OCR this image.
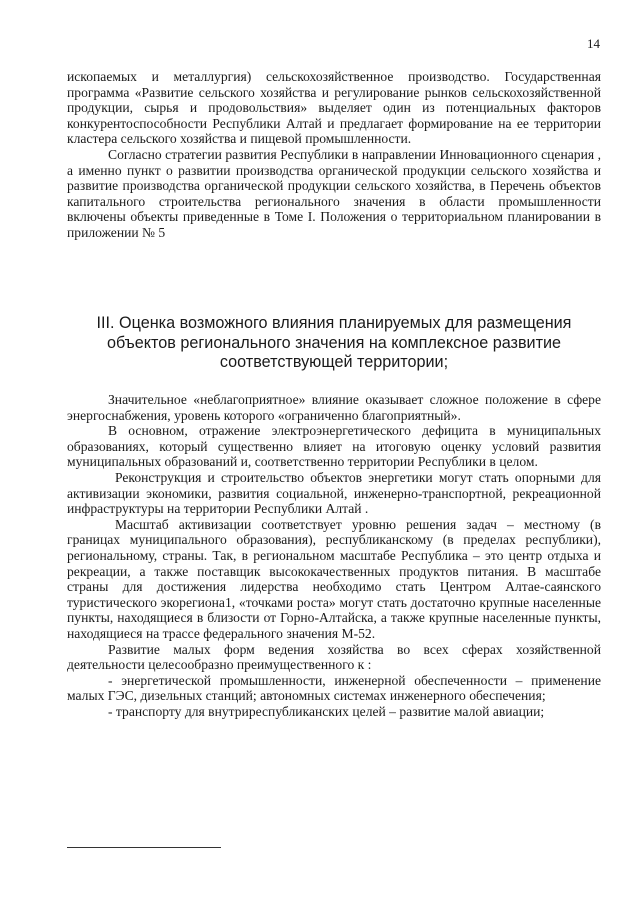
14

ископаемых и металлургия) сельскохозяйственное производство. Государственная программа «Развитие сельского хозяйства и регулирование рынков сельскохозяйственной продукции, сырья и продовольствия» выделяет один из потенциальных факторов конкурентоспособности Республики Алтай и предлагает формирование на ее территории кластера сельского хозяйства и пищевой промышленности.

Согласно стратегии развития Республики в направлении Инновационного сценария , а именно пункт о развитии производства органической продукции сельского хозяйства и развитие производства органической продукции сельского хозяйства, в Перечень объектов капитального строительства регионального значения в области промышленности включены объекты приведенные в Томе I. Положения о территориальном планировании в приложении № 5

III. Оценка возможного влияния планируемых для размещения объектов регионального значения на комплексное развитие соответствующей территории;

Значительное «неблагоприятное» влияние оказывает сложное положение в сфере энергоснабжения, уровень которого «ограниченно благоприятный».

В основном, отражение электроэнергетического дефицита в муниципальных образованиях, который существенно влияет на итоговую оценку условий развития муниципальных образований и, соответственно территории Республики в целом.

Реконструкция и строительство объектов энергетики могут стать опорными для активизации экономики, развития социальной, инженерно-транспортной, рекреационной инфраструктуры на территории Республики Алтай .

Масштаб активизации соответствует уровню решения задач – местному (в границах муниципального образования), республиканскому (в пределах республики), региональному, страны. Так, в региональном масштабе Республика – это центр отдыха и рекреации, а также поставщик высококачественных продуктов питания. В масштабе страны для достижения лидерства необходимо стать Центром Алтае-саянского туристического экорегиона1, «точками роста» могут стать достаточно крупные населенные пункты, находящиеся в близости от Горно-Алтайска, а также крупные населенные пункты, находящиеся на трассе федерального значения М-52.

Развитие малых форм ведения хозяйства во всех сферах хозяйственной деятельности целесообразно преимущественного к :

- энергетической промышленности, инженерной обеспеченности – применение малых ГЭС, дизельных станций; автономных системах инженерного обеспечения;

- транспорту для внутриреспубликанских целей – развитие малой авиации;
